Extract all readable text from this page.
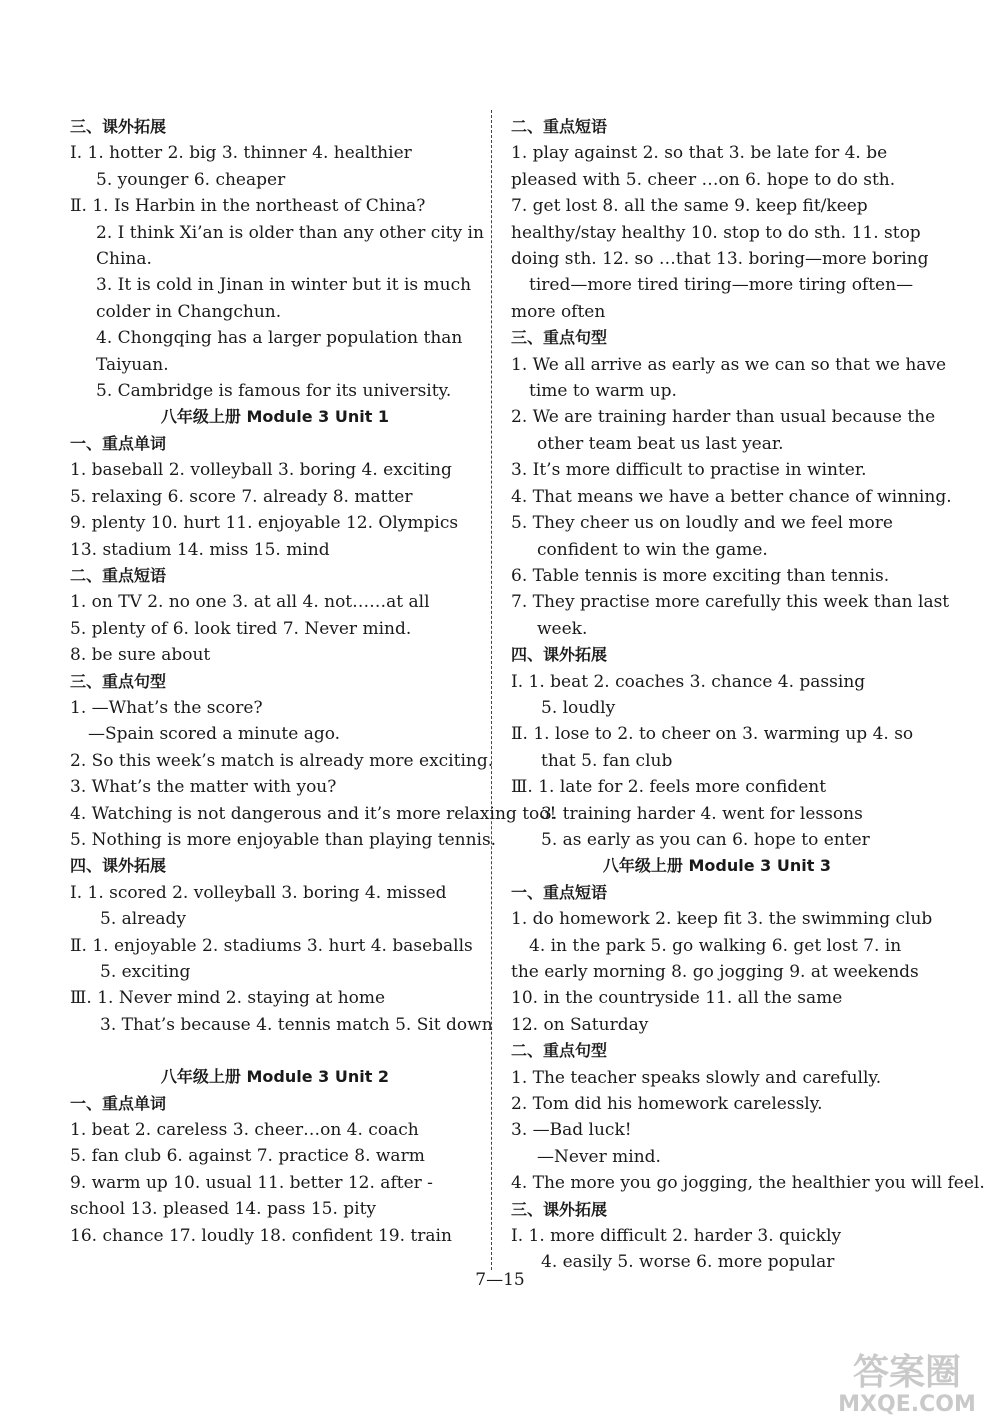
三、课外拓展
Ⅰ. 1. hotter 2. big 3. thinner 4. healthier
5. younger 6. cheaper
Ⅱ. 1. Is Harbin in the northeast of China?
2. I think Xi’an is older than any other city in
China.
3. It is cold in Jinan in winter but it is much
colder in Changchun.
4. Chongqing has a larger population than
Taiyuan.
5. Cambridge is famous for its university.
八年级上册 Module 3 Unit 1
一、重点单词
1. baseball 2. volleyball 3. boring 4. exciting
5. relaxing 6. score 7. already 8. matter
9. plenty 10. hurt 11. enjoyable 12. Olympics
13. stadium 14. miss 15. mind
二、重点短语
1. on TV 2. no one 3. at all 4. not……at all
5. plenty of 6. look tired 7. Never mind.
8. be sure about
三、重点句型
1. —What’s the score?
—Spain scored a minute ago.
2. So this week’s match is already more exciting.
3. What’s the matter with you?
4. Watching is not dangerous and it’s more relaxing too!
5. Nothing is more enjoyable than playing tennis.
四、课外拓展
Ⅰ. 1. scored 2. volleyball 3. boring 4. missed
5. already
Ⅱ. 1. enjoyable 2. stadiums 3. hurt 4. baseballs
5. exciting
Ⅲ. 1. Never mind 2. staying at home
3. That’s because 4. tennis match 5. Sit down
八年级上册 Module 3 Unit 2
一、重点单词
1. beat 2. careless 3. cheer…on 4. coach
5. fan club 6. against 7. practice 8. warm
9. warm up 10. usual 11. better 12. after -
school 13. pleased 14. pass 15. pity
16. chance 17. loudly 18. confident 19. train
二、重点短语
1. play against 2. so that 3. be late for 4. be
pleased with 5. cheer …on 6. hope to do sth.
7. get lost 8. all the same 9. keep fit/keep
healthy/stay healthy 10. stop to do sth. 11. stop
doing sth. 12. so …that 13. boring—more boring
tired—more tired tiring—more tiring often—
more often
三、重点句型
1. We all arrive as early as we can so that we have
time to warm up.
2. We are training harder than usual because the
other team beat us last year.
3. It’s more difficult to practise in winter.
4. That means we have a better chance of winning.
5. They cheer us on loudly and we feel more
confident to win the game.
6. Table tennis is more exciting than tennis.
7. They practise more carefully this week than last
week.
四、课外拓展
Ⅰ. 1. beat 2. coaches 3. chance 4. passing
5. loudly
Ⅱ. 1. lose to 2. to cheer on 3. warming up 4. so
that 5. fan club
Ⅲ. 1. late for 2. feels more confident
3. training harder 4. went for lessons
5. as early as you can 6. hope to enter
八年级上册 Module 3 Unit 3
一、重点短语
1. do homework 2. keep fit 3. the swimming club
4. in the park 5. go walking 6. get lost 7. in
the early morning 8. go jogging 9. at weekends
10. in the countryside 11. all the same
12. on Saturday
二、重点句型
1. The teacher speaks slowly and carefully.
2. Tom did his homework carelessly.
3. —Bad luck!
—Never mind.
4. The more you go jogging, the healthier you will feel.
三、课外拓展
Ⅰ. 1. more difficult 2. harder 3. quickly
4. easily 5. worse 6. more popular
7—15
答案圈
MXQE.COM
